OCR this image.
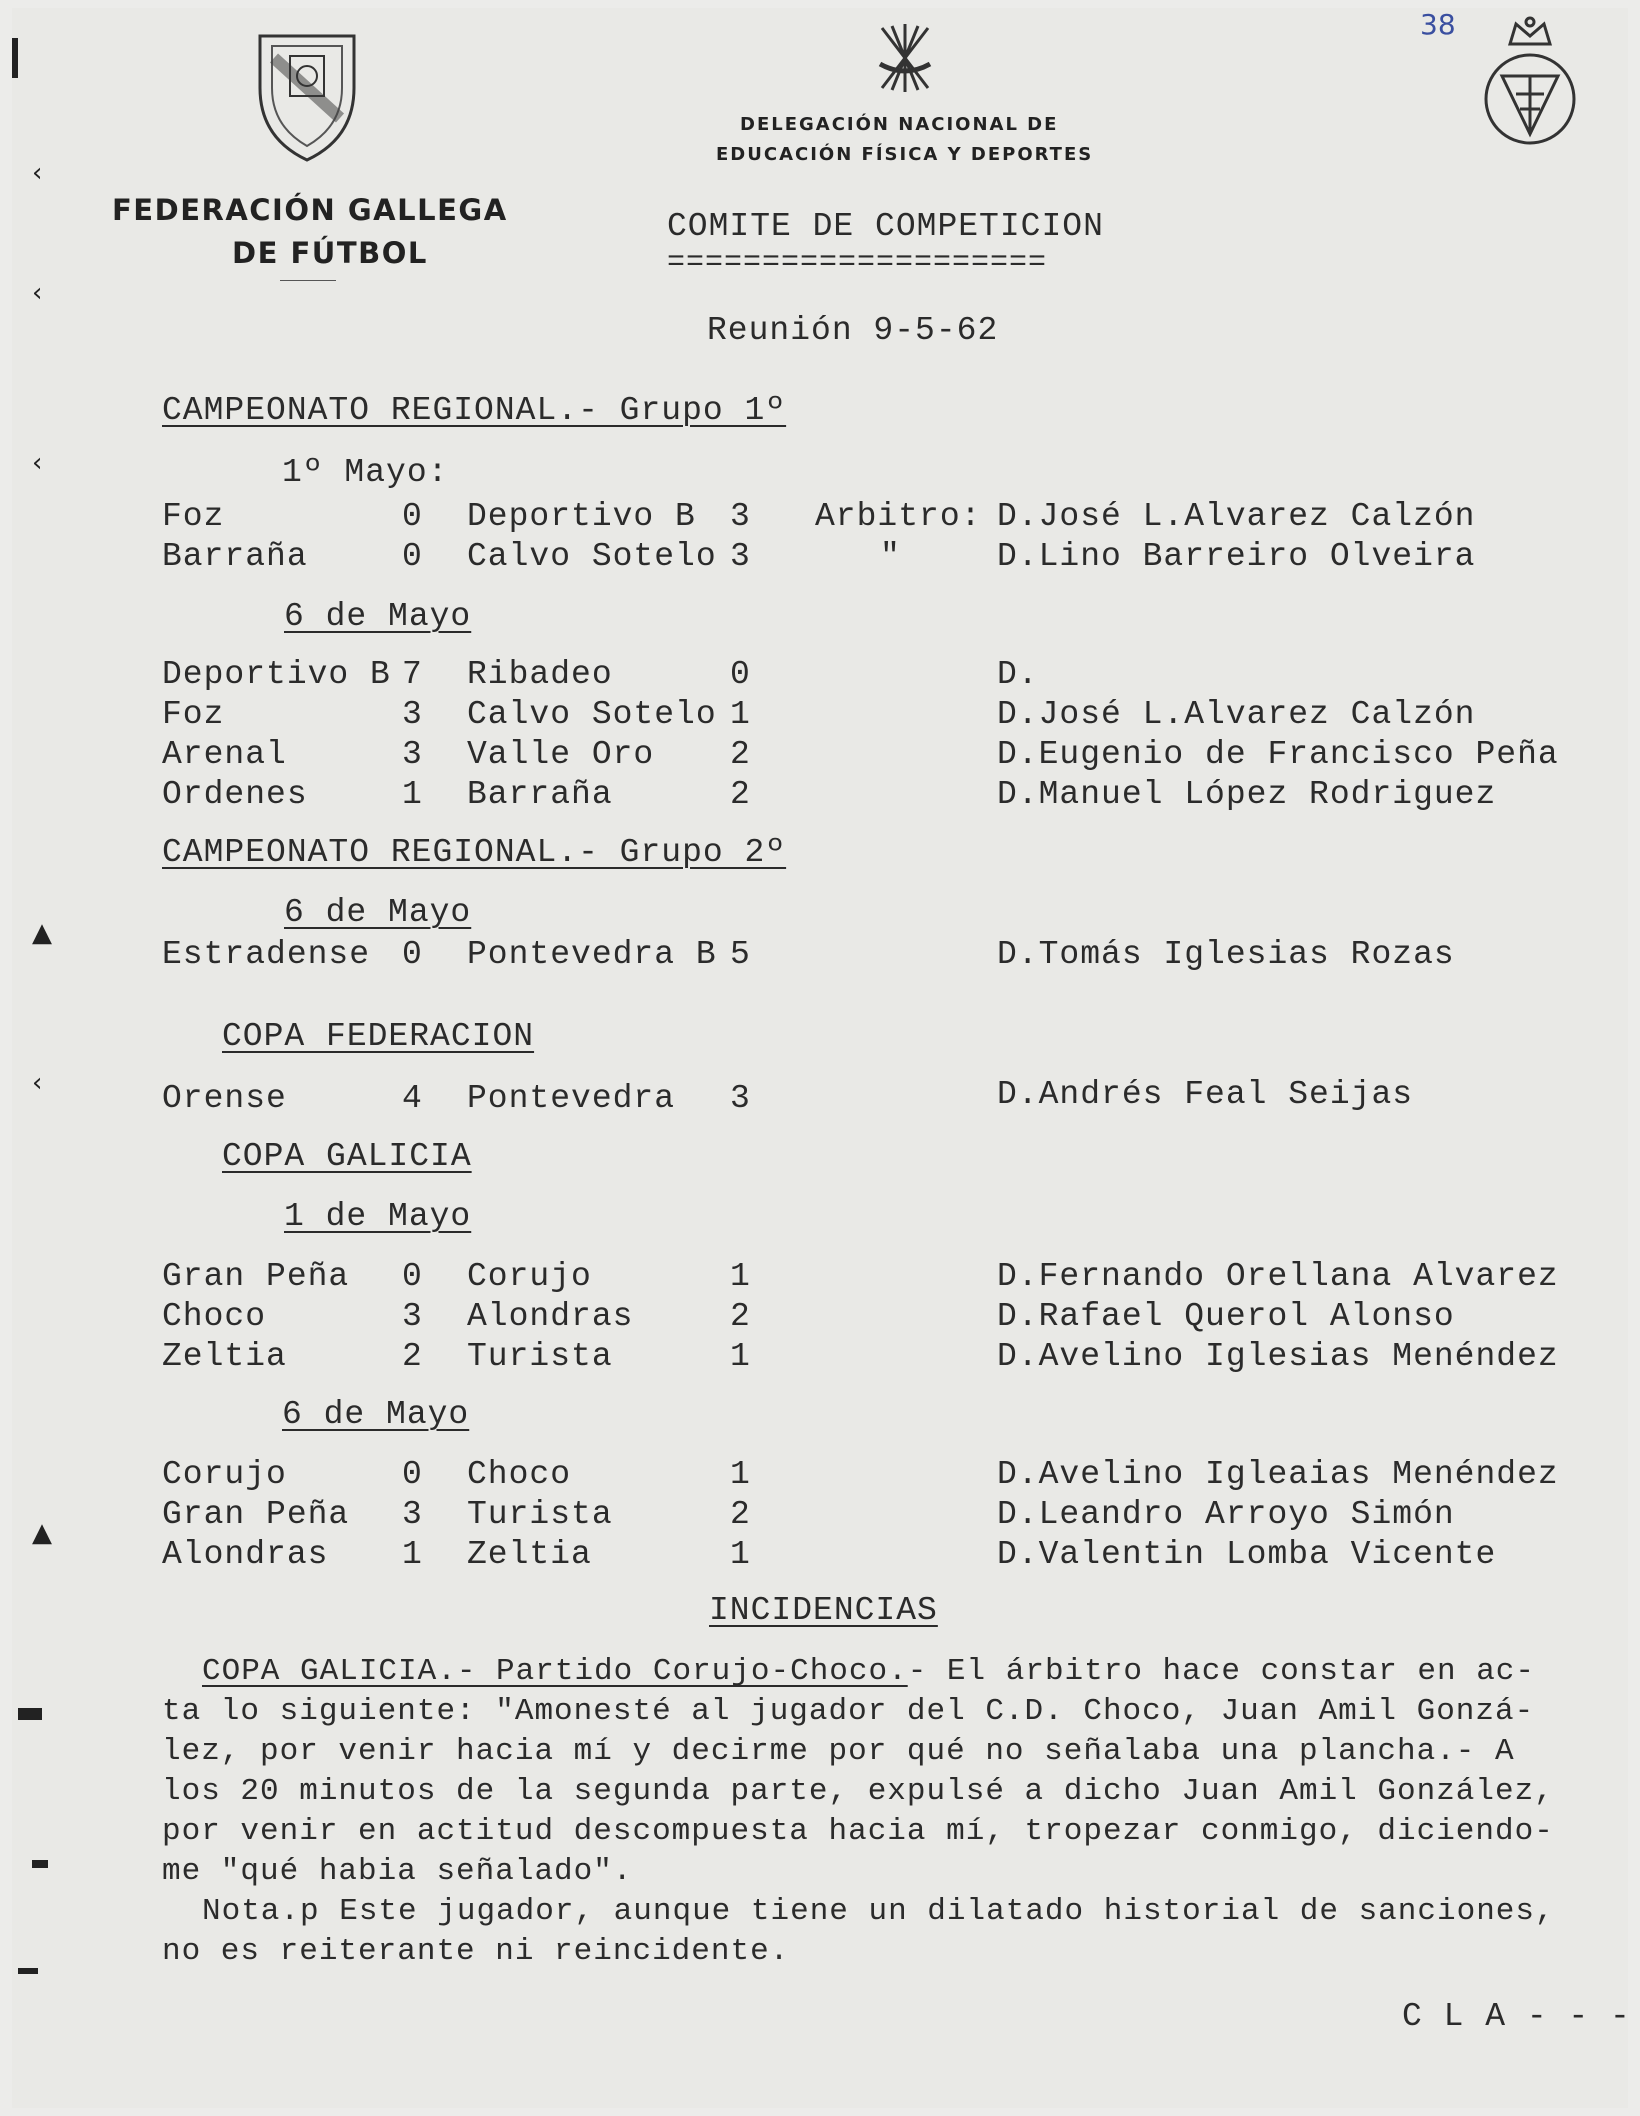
38
FEDERACIÓN GALLEGA
DE FÚTBOL
DELEGACIÓN NACIONAL DE
EDUCACIÓN FÍSICA Y DEPORTES
COMITE DE COMPETICION
====================
Reunión 9-5-62
CAMPEONATO REGIONAL.- Grupo 1º
1º Mayo:
Foz	0 Deportivo B 3 Arbitro: D.José L.Alvarez Calzón
Barraña	0 Calvo Sotelo 3	"	D.Lino Barreiro Olveira
6 de Mayo
Deportivo B 7 Ribadeo	0	D.
Foz	3 Calvo Sotelo 1	D.José L.Alvarez Calzón
Arenal	3 Valle Oro 2	D.Eugenio de Francisco Peña
Ordenes	1 Barraña	2	D.Manuel López Rodriguez
CAMPEONATO REGIONAL.- Grupo 2º
6 de Mayo
Estradense 0 Pontevedra B 5	D.Tomás Iglesias Rozas
COPA FEDERACION
Orense	4 Pontevedra 3	D.Andrés Feal Seijas
COPA GALICIA
1 de Mayo
Gran Peña 0 Corujo	1	D.Fernando Orellana Alvarez
Choco	3 Alondras	2	D.Rafael Querol Alonso
Zeltia	2 Turista	1	D.Avelino Iglesias Menéndez
6 de Mayo
Corujo	0 Choco	1	D.Avelino Igleaias Menéndez
Gran Peña 3 Turista	2	D.Leandro Arroyo Simón
Alondras 1 Zeltia	1	D.Valentin Lomba Vicente
INCIDENCIAS
COPA GALICIA.- Partido Corujo-Choco.- El árbitro hace constar en ac-
ta lo siguiente: "Amonesté al jugador del C.D. Choco, Juan Amil Gonzá-
lez, por venir hacia mí y decirme por qué no señalaba una plancha.- A
los 20 minutos de la segunda parte, expulsé a dicho Juan Amil González,
por venir en actitud descompuesta hacia mí, tropezar conmigo, diciendo-
me "qué habia señalado".
Nota.p Este jugador, aunque tiene un dilatado historial de sanciones,
no es reiterante ni reincidente.
C L A - - -
‹
‹
‹
▲
‹
▲
